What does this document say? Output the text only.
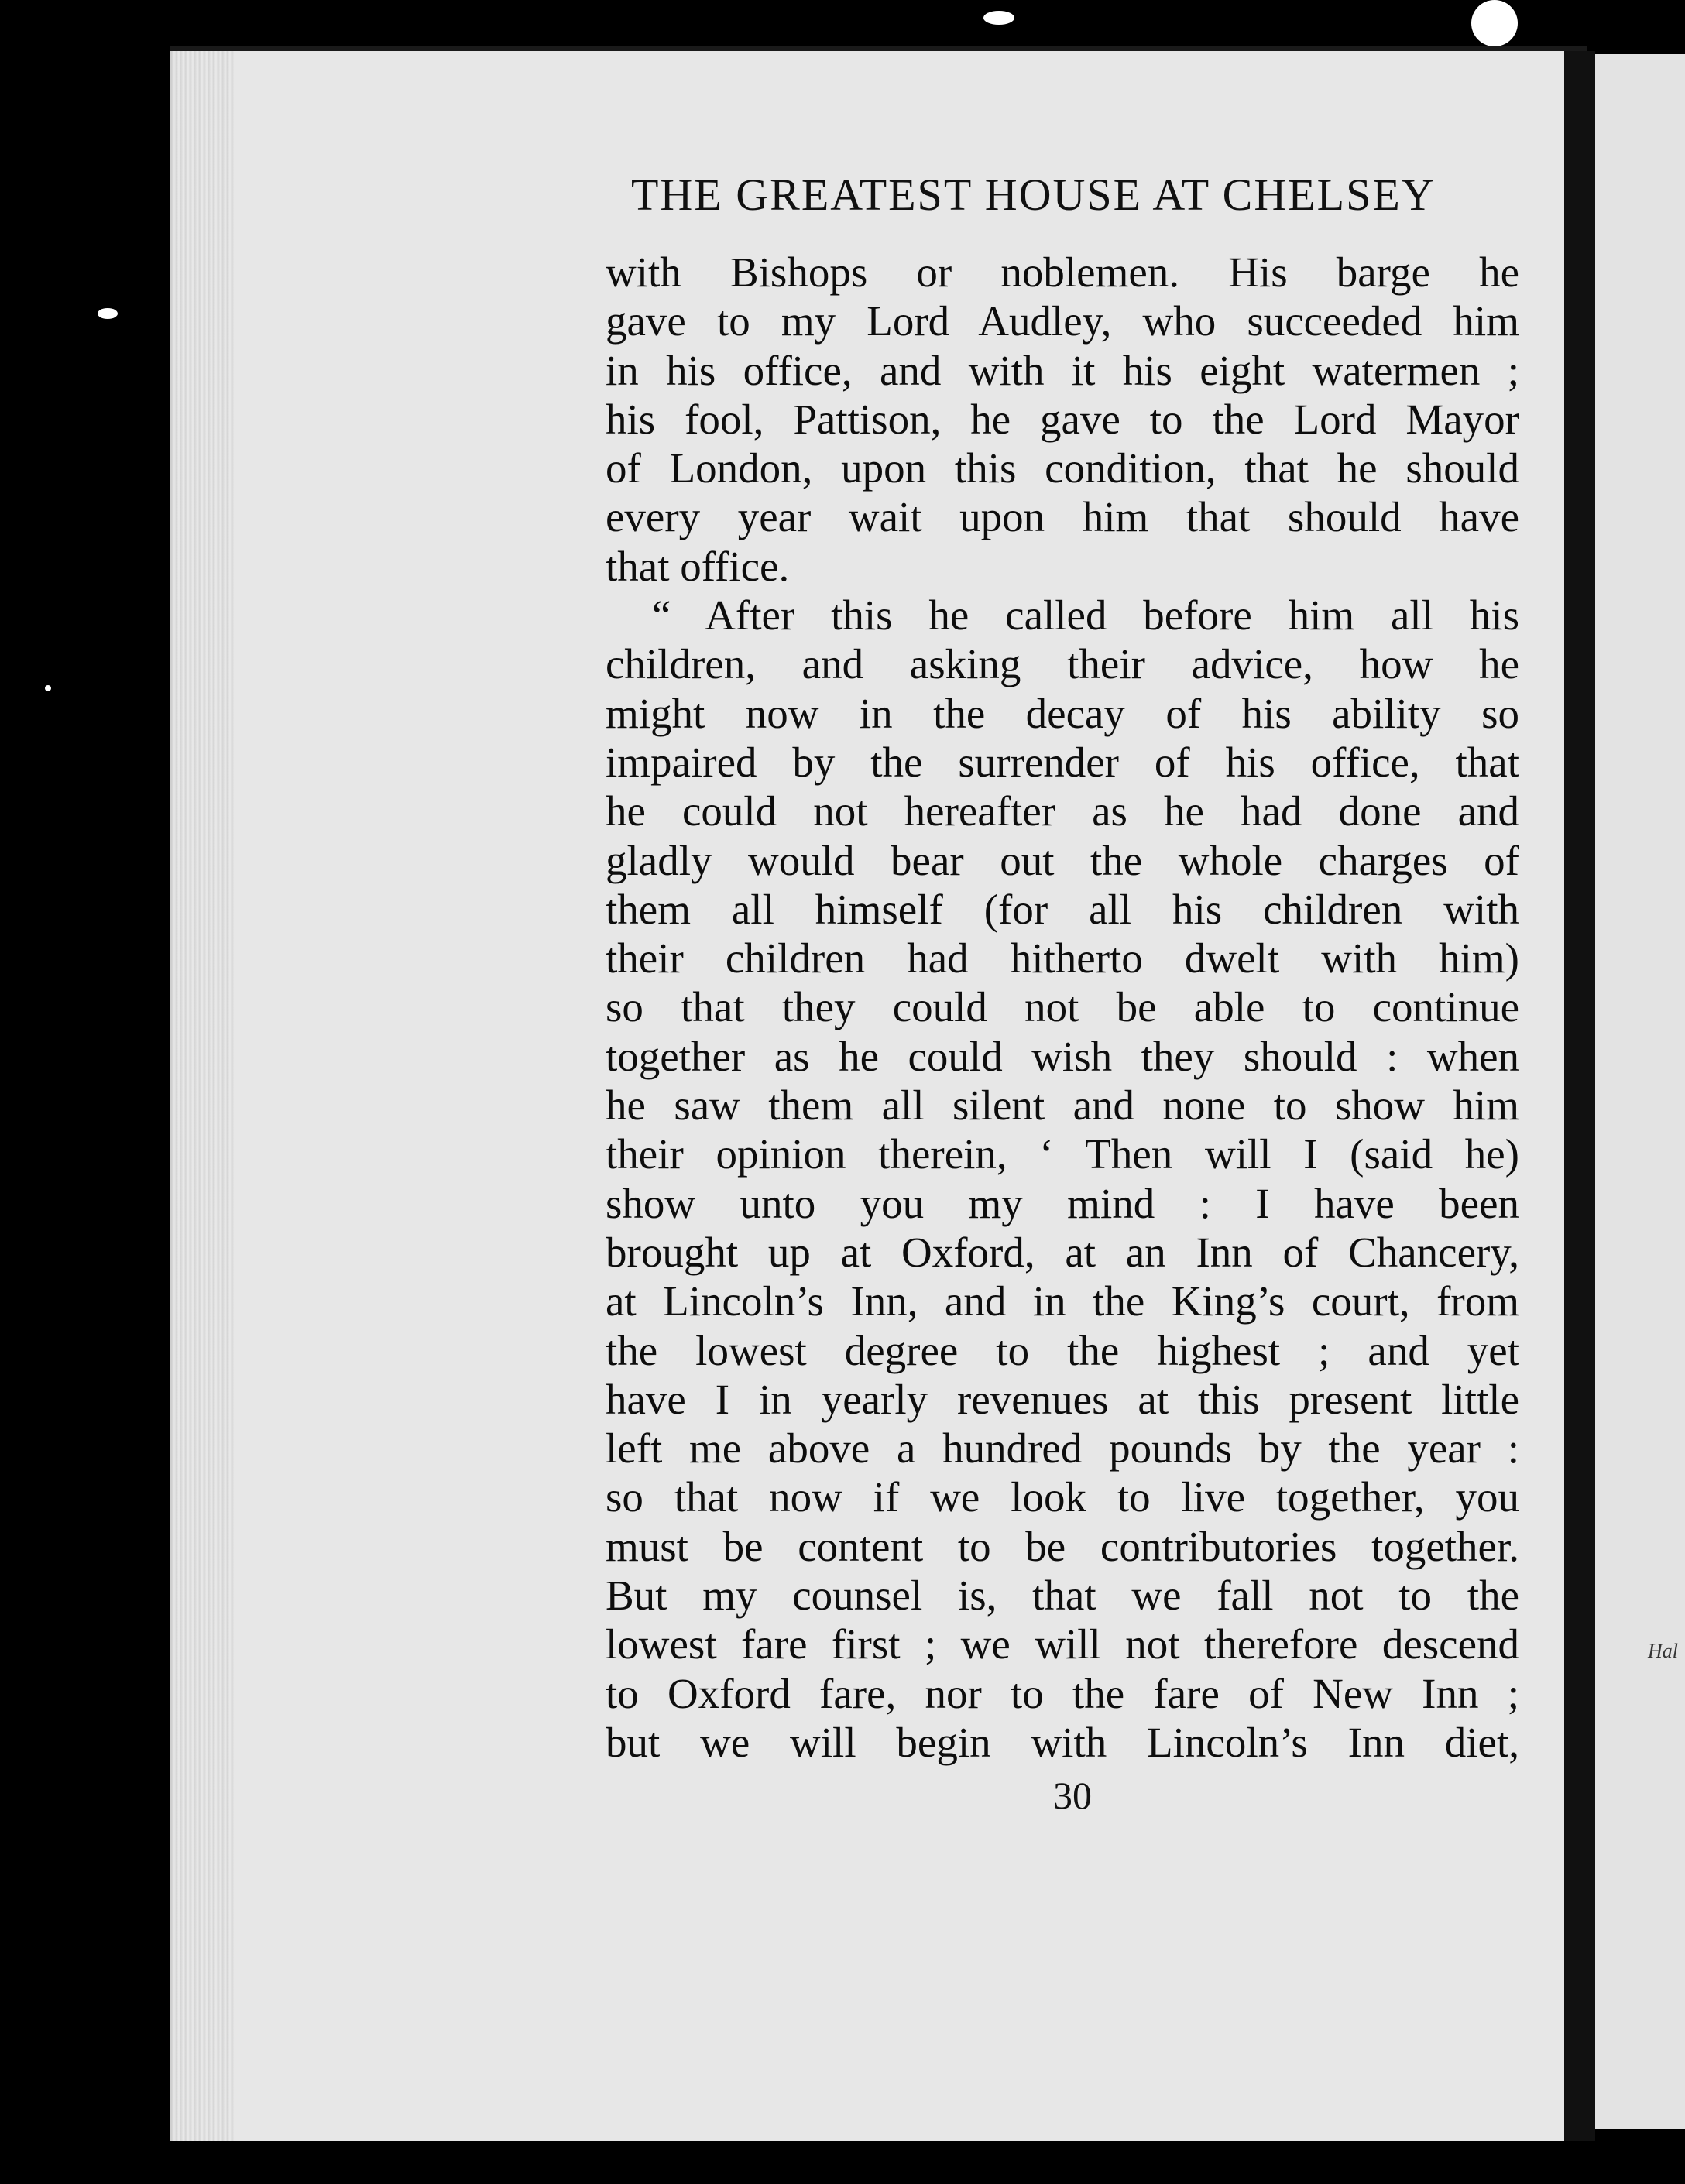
Hal
THE GREATEST HOUSE AT CHELSEY
with Bishops or noblemen. His barge he
gave to my Lord Audley, who succeeded him
in his office, and with it his eight watermen ;
his fool, Pattison, he gave to the Lord Mayor
of London, upon this condition, that he should
every year wait upon him that should have
that office.
“ After this he called before him all his
children, and asking their advice, how he
might now in the decay of his ability so
impaired by the surrender of his office, that
he could not hereafter as he had done and
gladly would bear out the whole charges of
them all himself (for all his children with
their children had hitherto dwelt with him)
so that they could not be able to continue
together as he could wish they should : when
he saw them all silent and none to show him
their opinion therein, ‘ Then will I (said he)
show unto you my mind : I have been
brought up at Oxford, at an Inn of Chancery,
at Lincoln’s Inn, and in the King’s court, from
the lowest degree to the highest ; and yet
have I in yearly revenues at this present little
left me above a hundred pounds by the year :
so that now if we look to live together, you
must be content to be contributories together.
But my counsel is, that we fall not to the
lowest fare first ; we will not therefore descend
to Oxford fare, nor to the fare of New Inn ;
but we will begin with Lincoln’s Inn diet,
30
